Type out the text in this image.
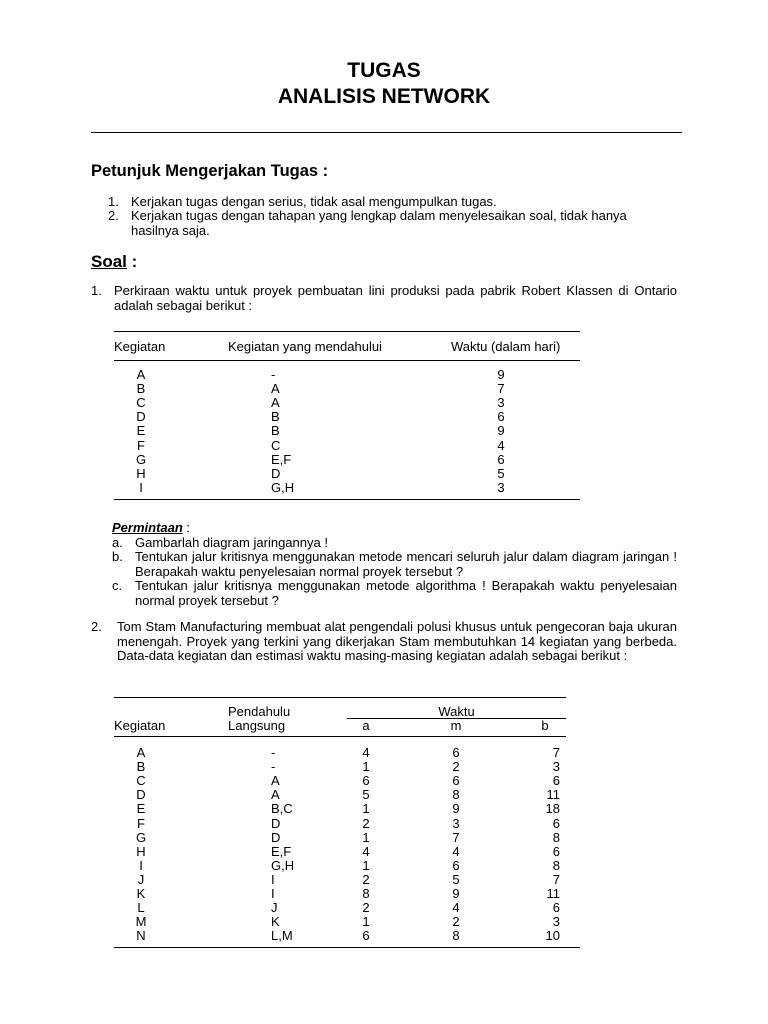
TUGAS
ANALISIS NETWORK
Petunjuk Mengerjakan Tugas :
1. Kerjakan tugas dengan serius, tidak asal mengumpulkan tugas.
2. Kerjakan tugas dengan tahapan yang lengkap dalam menyelesaikan soal, tidak hanya hasilnya saja.
Soal :
1. Perkiraan waktu untuk proyek pembuatan lini produksi pada pabrik Robert Klassen di Ontario adalah sebagai berikut :
Kegiatan	Kegiatan yang mendahului	Waktu (dalam hari)
A	-	9
B	A	7
C	A	3
D	B	6
E	B	9
F	C	4
G	E,F	6
H	D	5
I	G,H	3
Permintaan :
a. Gambarlah diagram jaringannya !
b. Tentukan jalur kritisnya menggunakan metode mencari seluruh jalur dalam diagram jaringan ! Berapakah waktu penyelesaian normal proyek tersebut ?
c. Tentukan jalur kritisnya menggunakan metode algorithma ! Berapakah waktu penyelesaian normal proyek tersebut ?
2. Tom Stam Manufacturing membuat alat pengendali polusi khusus untuk pengecoran baja ukuran menengah. Proyek yang terkini yang dikerjakan Stam membutuhkan 14 kegiatan yang berbeda. Data-data kegiatan dan estimasi waktu masing-masing kegiatan adalah sebagai berikut :
Pendahulu	Waktu
Kegiatan	Langsung	a	m	b
A	-	4	6	7
B	-	1	2	3
C	A	6	6	6
D	A	5	8	11
E	B,C	1	9	18
F	D	2	3	6
G	D	1	7	8
H	E,F	4	4	6
I	G,H	1	6	8
J	I	2	5	7
K	I	8	9	11
L	J	2	4	6
M	K	1	2	3
N	L,M	6	8	10
